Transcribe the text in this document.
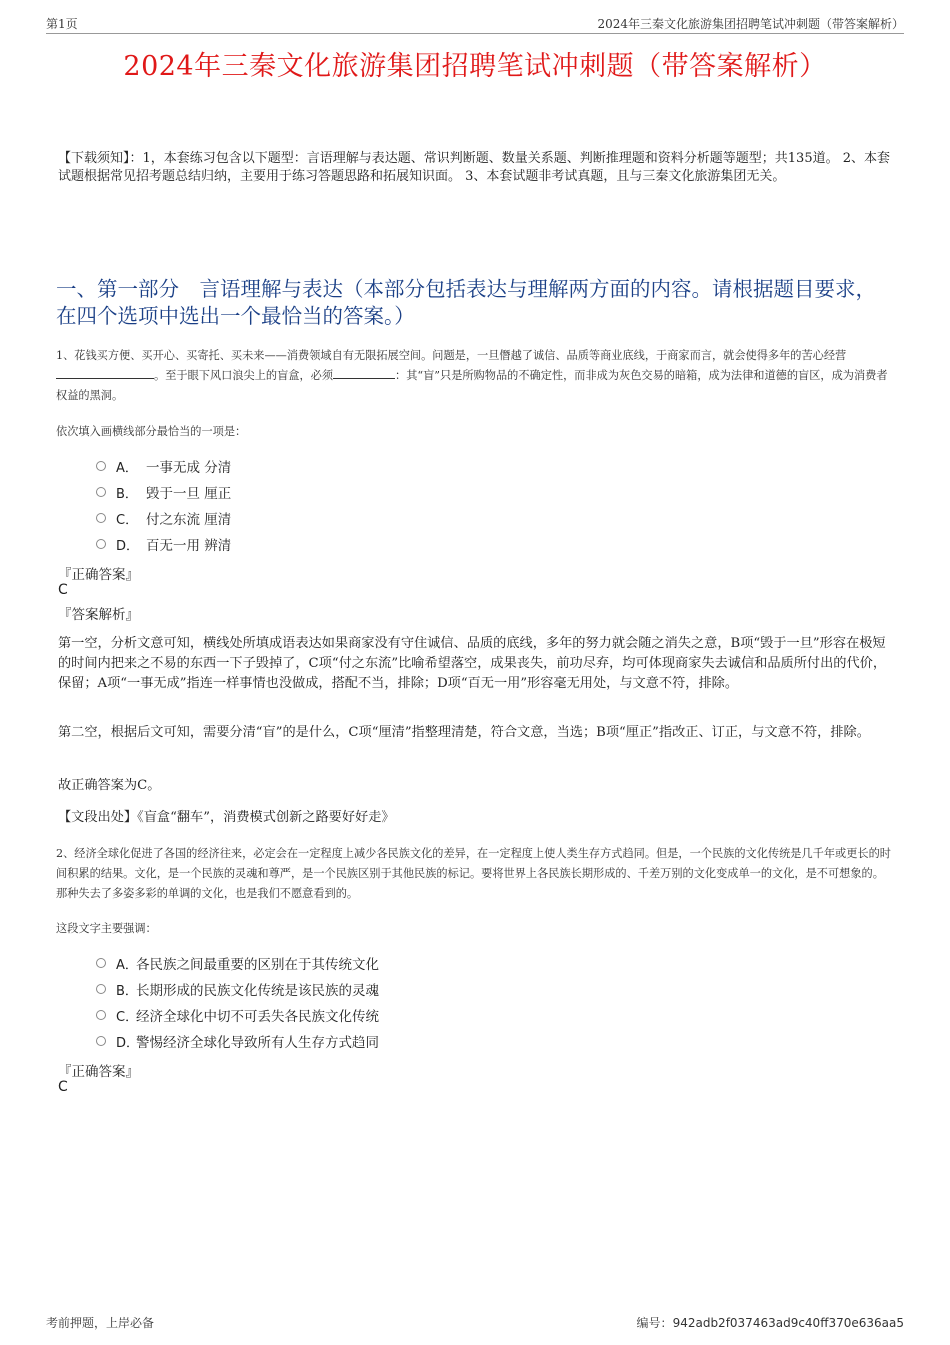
第1页	2024年三秦文化旅游集团招聘笔试冲刺题（带答案解析）
2024年三秦文化旅游集团招聘笔试冲刺题（带答案解析）
【下载须知】：1，本套练习包含以下题型：言语理解与表达题、常识判断题、数量关系题、判断推理题和资料分析题等题型；共135道。 2、本套试题根据常见招考题总结归纳，主要用于练习答题思路和拓展知识面。 3、本套试题非考试真题，且与三秦文化旅游集团无关。
一、第一部分　言语理解与表达（本部分包括表达与理解两方面的内容。请根据题目要求，在四个选项中选出一个最恰当的答案。）
1、花钱买方便、买开心、买寄托、买未来——消费领域自有无限拓展空间。问题是，一旦僭越了诚信、品质等商业底线，于商家而言，就会使得多年的苦心经营。至于眼下风口浪尖上的盲盒，必须	：其“盲”只是所购物品的不确定性，而非成为灰色交易的暗箱，成为法律和道德的盲区，成为消费者权益的黑洞。
依次填入画横线部分最恰当的一项是：
A． 一事无成 分清
B． 毁于一旦 厘正
C． 付之东流 厘清
D． 百无一用 辨清
『正确答案』
C
『答案解析』
第一空，分析文意可知，横线处所填成语表达如果商家没有守住诚信、品质的底线，多年的努力就会随之消失之意，B项“毁于一旦”形容在极短的时间内把来之不易的东西一下子毁掉了，C项“付之东流”比喻希望落空，成果丧失，前功尽弃，均可体现商家失去诚信和品质所付出的代价，保留；A项“一事无成”指连一样事情也没做成，搭配不当，排除；D项“百无一用”形容毫无用处，与文意不符，排除。
第二空，根据后文可知，需要分清“盲”的是什么，C项“厘清”指整理清楚，符合文意，当选；B项“厘正”指改正、订正，与文意不符，排除。
故正确答案为C。
【文段出处】《盲盒“翻车”，消费模式创新之路要好好走》
2、经济全球化促进了各国的经济往来，必定会在一定程度上减少各民族文化的差异，在一定程度上使人类生存方式趋同。但是，一个民族的文化传统是几千年或更长的时间积累的结果。文化，是一个民族的灵魂和尊严，是一个民族区别于其他民族的标记。要将世界上各民族长期形成的、千差万别的文化变成单一的文化，是不可想象的。那种失去了多姿多彩的单调的文化，也是我们不愿意看到的。
这段文字主要强调：
A．
各民族之间最重要的区别在于其传统文化
B．
长期形成的民族文化传统是该民族的灵魂
C．
经济全球化中切不可丢失各民族文化传统
D．
警惕经济全球化导致所有人生存方式趋同
『正确答案』
C
考前押题，上岸必备	编号：942adb2f037463ad9c40ff370e636aa5
